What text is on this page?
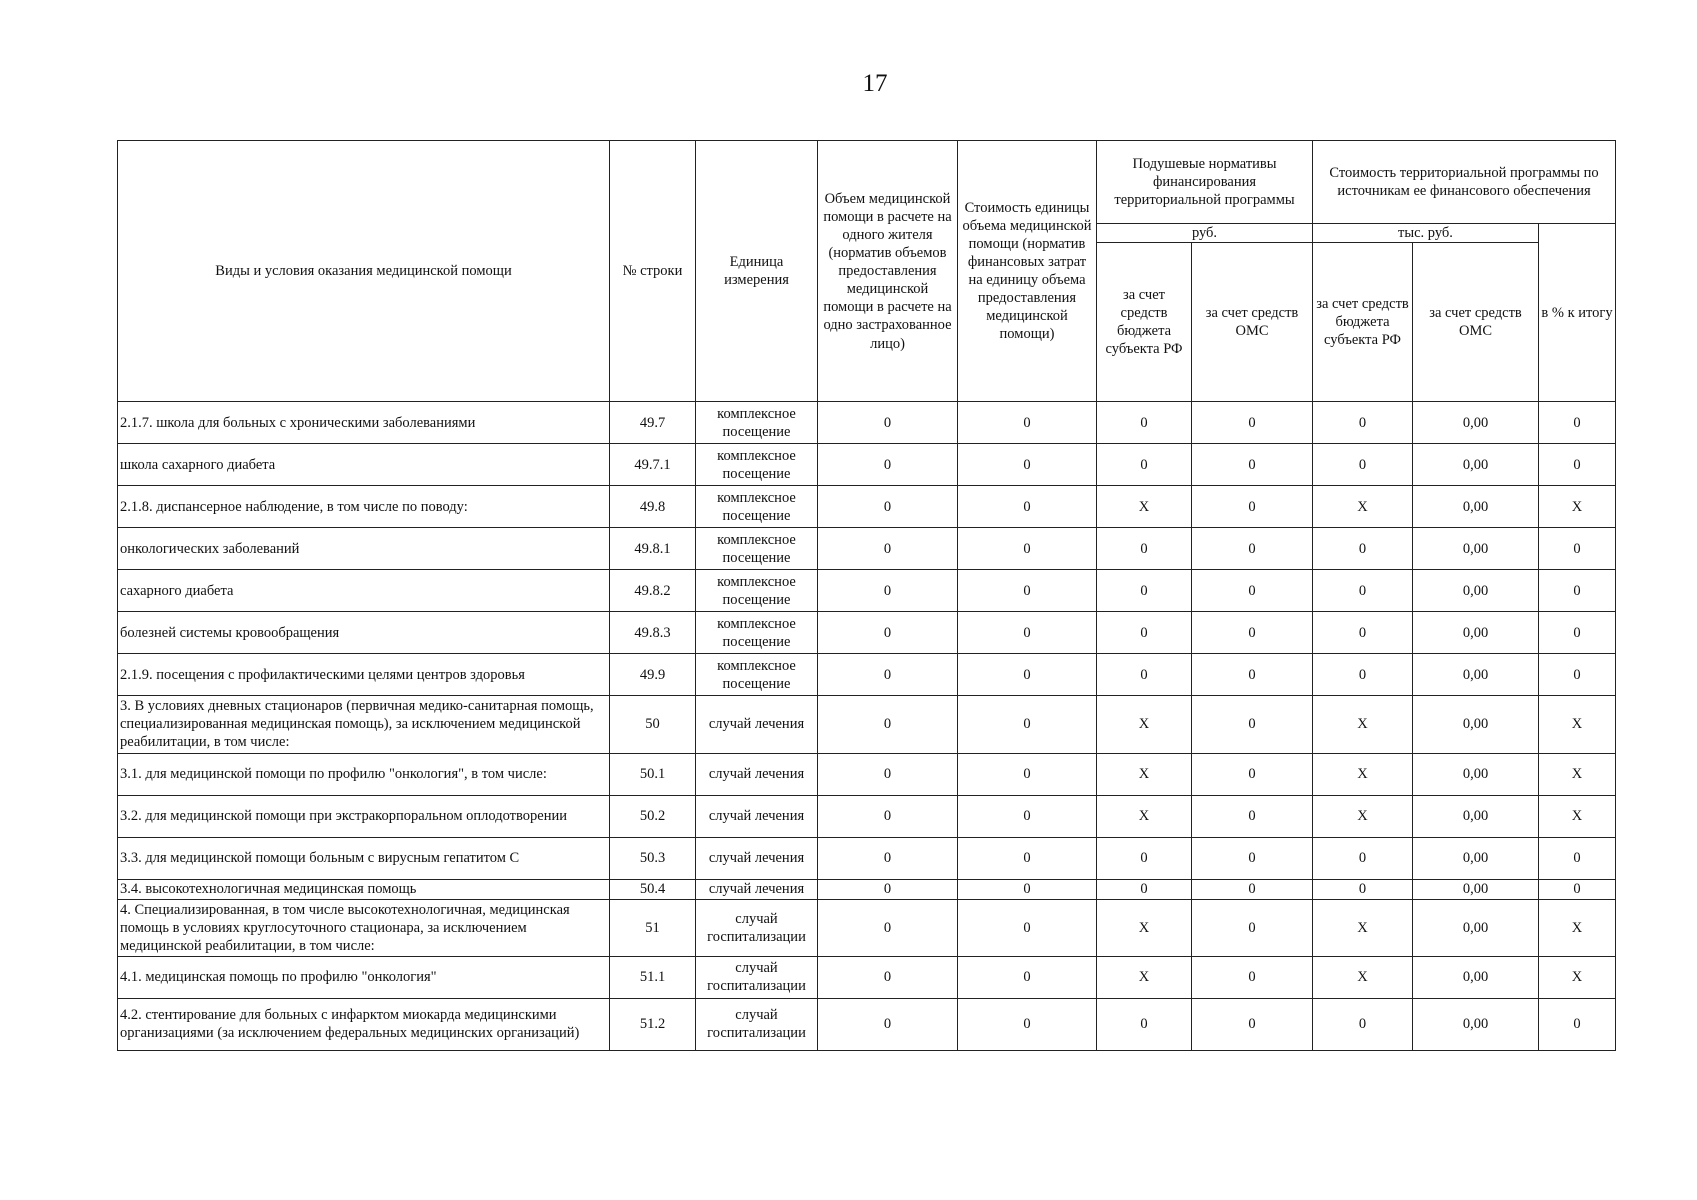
17
Виды и условия оказания медицинской помощи	№ строки	Единица измерения	Объем медицинской помощи в расчете на одного жителя (норматив объемов предоставления медицинской помощи в расчете на одно застрахованное лицо)	Стоимость единицы объема медицинской помощи (норматив финансовых затрат на единицу объема предоставления медицинской помощи)	Подушевые нормативы финансирования территориальной программы		Стоимость территориальной программы по источникам ее финансового обеспечения		
					руб.		тыс. руб.		в % к итогу
					за счет средств бюджета субъекта РФ	за счет средств ОМС	за счет средств бюджета субъекта РФ	за счет средств ОМС	
2.1.7. школа для больных с хроническими заболеваниями	49.7	комплексное посещение	0	0	0	0	0	0,00	0
школа сахарного диабета	49.7.1	комплексное посещение	0	0	0	0	0	0,00	0
2.1.8. диспансерное наблюдение, в том числе по поводу:	49.8	комплексное посещение	0	0	X	0	X	0,00	X
онкологических заболеваний	49.8.1	комплексное посещение	0	0	0	0	0	0,00	0
сахарного диабета	49.8.2	комплексное посещение	0	0	0	0	0	0,00	0
болезней системы кровообращения	49.8.3	комплексное посещение	0	0	0	0	0	0,00	0
2.1.9. посещения с профилактическими целями центров здоровья	49.9	комплексное посещение	0	0	0	0	0	0,00	0
3. В условиях дневных стационаров (первичная медико-санитарная помощь, специализированная медицинская помощь), за исключением медицинской реабилитации, в том числе:	50	случай лечения	0	0	X	0	X	0,00	X
3.1. для медицинской помощи по профилю "онкология", в том числе:	50.1	случай лечения	0	0	X	0	X	0,00	X
3.2. для медицинской помощи при экстракорпоральном оплодотворении	50.2	случай лечения	0	0	X	0	X	0,00	X
3.3. для медицинской помощи больным с вирусным гепатитом С	50.3	случай лечения	0	0	0	0	0	0,00	0
3.4. высокотехнологичная медицинская помощь	50.4	случай лечения	0	0	0	0	0	0,00	0
4. Специализированная, в том числе высокотехнологичная, медицинская помощь в условиях круглосуточного стационара, за исключением медицинской реабилитации, в том числе:	51	случай госпитализации	0	0	X	0	X	0,00	X
4.1. медицинская помощь по профилю "онкология"	51.1	случай госпитализации	0	0	X	0	X	0,00	X
4.2. стентирование для больных с инфарктом миокарда медицинскими организациями (за исключением федеральных медицинских организаций)	51.2	случай госпитализации	0	0	0	0	0	0,00	0
